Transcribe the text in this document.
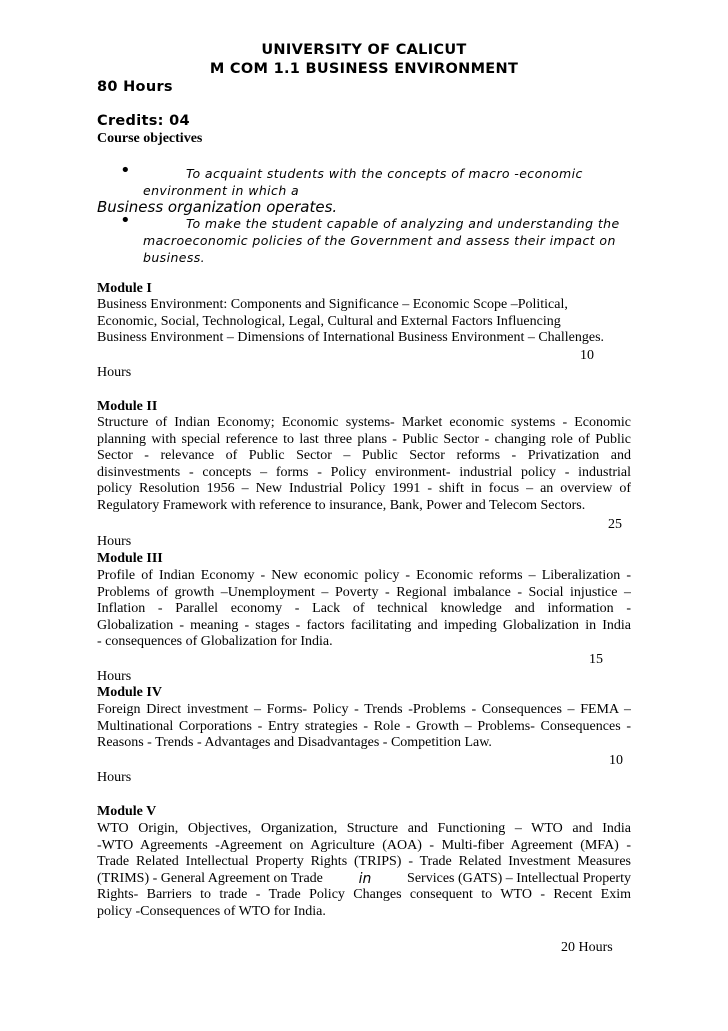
UNIVERSITY OF CALICUT
M COM 1.1 BUSINESS ENVIRONMENT
80 Hours
Credits: 04
Course objectives
•	To acquaint students with the concepts of macro -economic
environment in which a
Business organization operates.
•	To make the student capable of analyzing and understanding the
macroeconomic policies of the Government and assess their impact on
business.
Module I
Business Environment: Components and Significance – Economic Scope –Political,
Economic, Social, Technological, Legal, Cultural and External Factors Influencing
Business Environment – Dimensions of International Business Environment – Challenges.
10
Hours
Module II
Structure of Indian Economy; Economic systems- Market economic systems - Economic
planning with special reference to last three plans - Public Sector - changing role of Public
Sector - relevance of Public Sector – Public Sector reforms - Privatization and
disinvestments - concepts – forms - Policy environment- industrial policy - industrial
policy Resolution 1956 – New Industrial Policy 1991 - shift in focus – an overview of
Regulatory Framework with reference to insurance, Bank, Power and Telecom Sectors.
25
Hours
Module III
Profile of Indian Economy - New economic policy - Economic reforms – Liberalization -
Problems of growth –Unemployment – Poverty - Regional imbalance - Social injustice –
Inflation - Parallel economy - Lack of technical knowledge and information -
Globalization - meaning - stages - factors facilitating and impeding Globalization in India
- consequences of Globalization for India.
15
Hours
Module IV
Foreign Direct investment – Forms- Policy - Trends -Problems - Consequences – FEMA –
Multinational Corporations - Entry strategies - Role - Growth – Problems- Consequences -
Reasons - Trends - Advantages and Disadvantages - Competition Law.
10
Hours
Module V
WTO Origin, Objectives, Organization, Structure and Functioning – WTO and India
-WTO Agreements -Agreement on Agriculture (AOA) - Multi-fiber Agreement (MFA) -
Trade Related Intellectual Property Rights (TRIPS) - Trade Related Investment Measures
(TRIMS) - General Agreement on Trade	in	Services (GATS) – Intellectual Property
Rights- Barriers to trade - Trade Policy Changes consequent to WTO - Recent Exim
policy -Consequences of WTO for India.
20 Hours
